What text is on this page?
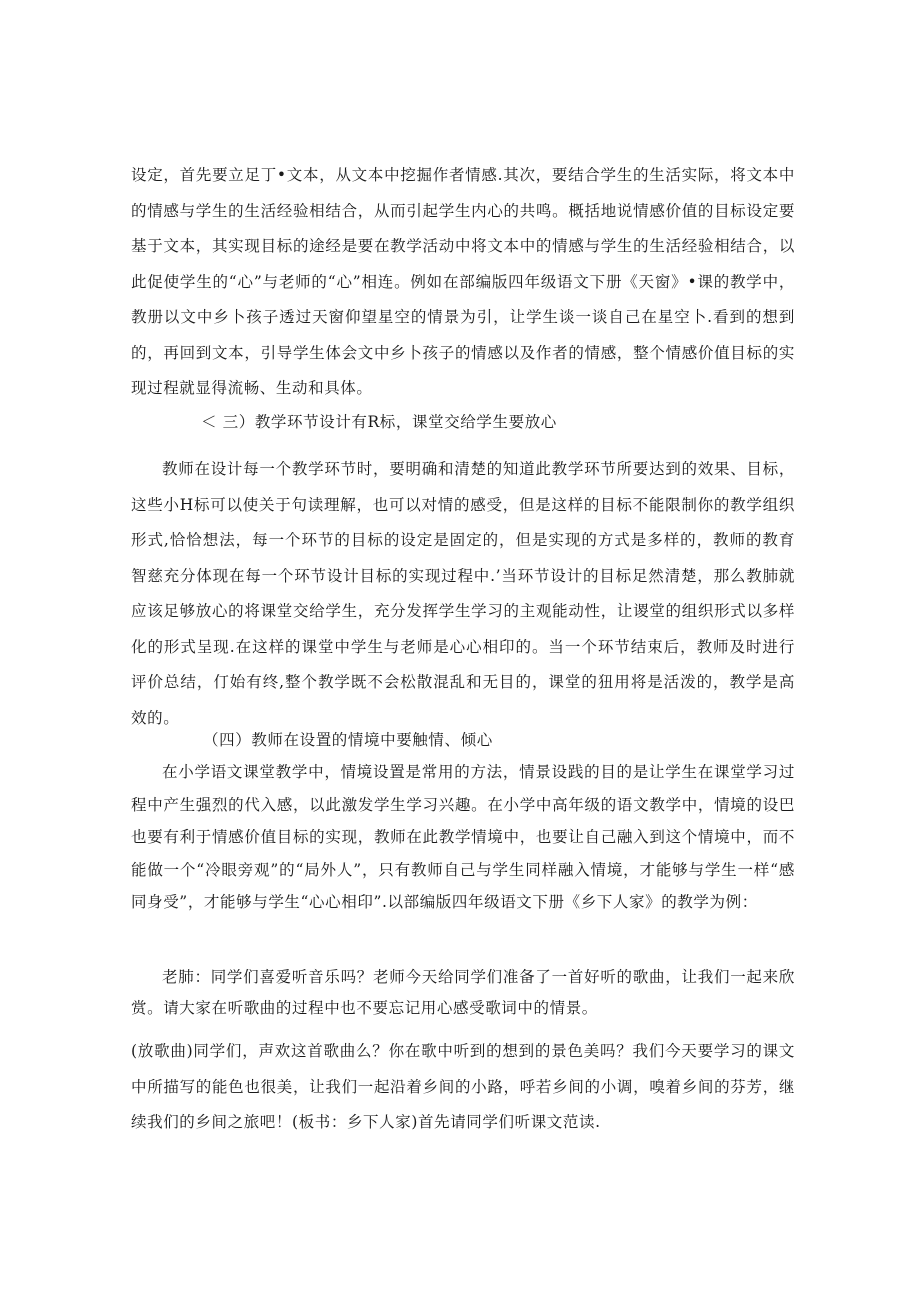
设定，首先要立足丁•文本，从文本中挖掘作者情感.其次，要结合学生的生活实际，将文本中的情感与学生的生活经验相结合，从而引起学生内心的共鸣。概括地说情感价值的目标设定要基于文本，其实现目标的途经是要在教学活动中将文本中的情感与学生的生活经验相结合，以此促使学生的“心”与老师的“心”相连。例如在部编版四年级语文下册《天窗》•课的教学中，教册以文中乡卜孩子透过天窗仰望星空的情景为引，让学生谈一谈自己在星空卜.看到的想到的，再回到文本，引导学生体会文中乡卜孩子的情感以及作者的情感，整个情感价值目标的实现过程就显得流畅、生动和具体。

＜ 三）教学环节设计有R标，课堂交给学生要放心

教师在设计每一个教学环节时，要明确和清楚的知道此教学环节所要达到的效果、目标，这些小H标可以使关于句读理解，也可以对情的感受，但是这样的目标不能限制你的教学组织形式,恰恰想法，每一个环节的目标的设定是固定的，但是实现的方式是多样的，教师的教育智慈充分体现在每一个环节设计目标的实现过程中.’当环节设计的目标足然清楚，那么教肺就应该足够放心的将课堂交给学生，充分发挥学生学习的主观能动性，让谡堂的组织形式以多样化的形式呈现.在这样的课堂中学生与老师是心心相印的。当一个环节结束后，教师及时进行评价总结，仃始有终,整个教学既不会松散混乱和无目的，课堂的狃用将是活泼的，教学是高效的。

（四）教师在设置的情境中要触情、倾心

在小学语文课堂教学中，情境设置是常用的方法，情景设践的目的是让学生在课堂学习过程中产生强烈的代入感，以此激发学生学习兴趣。在小学中高年级的语文教学中，情境的设巴也要有利于情感价值目标的实现，教师在此教学情境中，也要让自己融入到这个情境中，而不能做一个“冷眼旁观”的“局外人”，只有教师自己与学生同样融入情境，才能够与学生一样“感同身受”，才能够与学生“心心相印”.以部编版四年级语文下册《乡下人家》的教学为例：

老肺：同学们喜爱听音乐吗？老师今天给同学们准备了一首好听的歌曲，让我们一起来欣赏。请大家在听歌曲的过程中也不要忘记用心感受歌词中的情景。

(放歌曲)同学们，声欢这首歌曲么？你在歌中听到的想到的景色美吗？我们今天要学习的课文中所描写的能色也很美，让我们一起沿着乡间的小路，呼若乡间的小调，嗅着乡间的芬芳，继续我们的乡间之旅吧！(板书：乡下人家)首先请同学们听课文范读.
